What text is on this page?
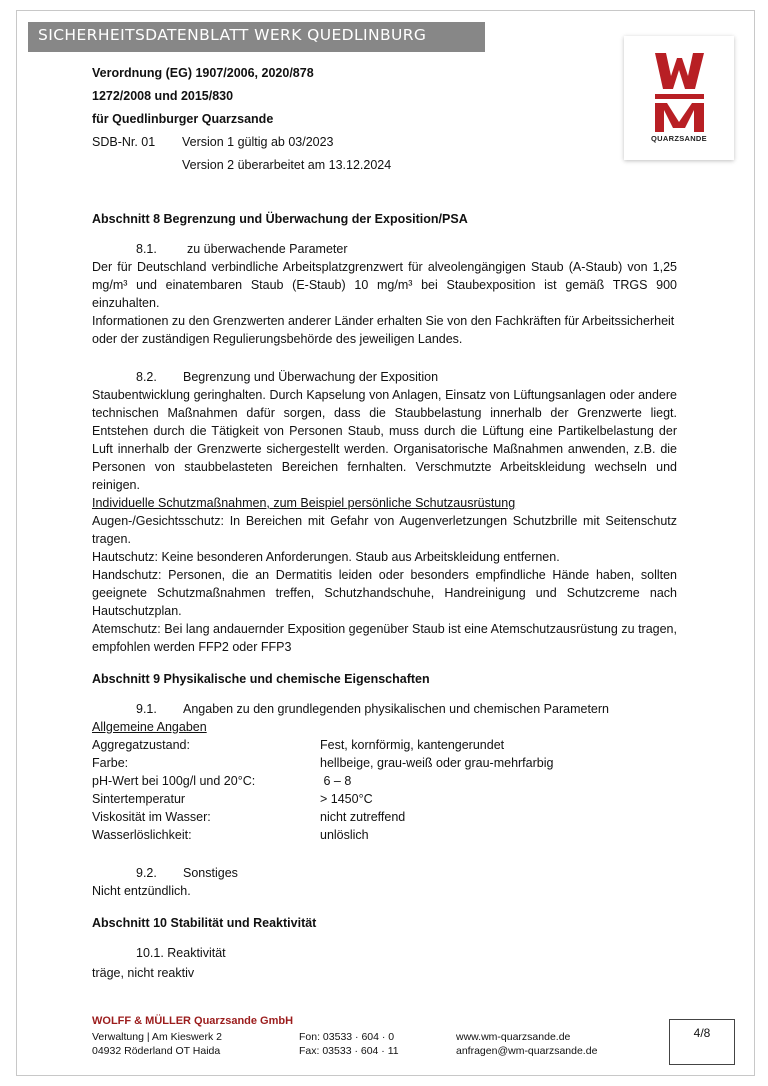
SICHERHEITSDATENBLATT WERK QUEDLINBURG
QUARZSANDE
Verordnung (EG) 1907/2006, 2020/878
1272/2008 und 2015/830
für Quedlinburger Quarzsande
SDB-Nr. 01	Version 1 gültig ab 03/2023
Version 2 überarbeitet am 13.12.2024
Abschnitt 8 Begrenzung und Überwachung der Exposition/PSA
8.1.	zu überwachende Parameter
Der für Deutschland verbindliche Arbeitsplatzgrenzwert für alveolengängigen Staub (A-Staub) von 1,25 mg/m³ und einatembaren Staub (E-Staub) 10 mg/m³ bei Staubexposition ist gemäß TRGS 900 einzuhalten.
Informationen zu den Grenzwerten anderer Länder erhalten Sie von den Fachkräften für Arbeitssicherheit oder der zuständigen Regulierungsbehörde des jeweiligen Landes.
8.2.	Begrenzung und Überwachung der Exposition
Staubentwicklung geringhalten. Durch Kapselung von Anlagen, Einsatz von Lüftungsanlagen oder andere technischen Maßnahmen dafür sorgen, dass die Staubbelastung innerhalb der Grenzwerte liegt. Entstehen durch die Tätigkeit von Personen Staub, muss durch die Lüftung eine Partikelbelastung der Luft innerhalb der Grenzwerte sichergestellt werden. Organisatorische Maßnahmen anwenden, z.B. die Personen von staubbelasteten Bereichen fernhalten. Verschmutzte Arbeitskleidung wechseln und reinigen.
Individuelle Schutzmaßnahmen, zum Beispiel persönliche Schutzausrüstung
Augen-/Gesichtsschutz: In Bereichen mit Gefahr von Augenverletzungen Schutzbrille mit Seitenschutz tragen.
Hautschutz: Keine besonderen Anforderungen. Staub aus Arbeitskleidung entfernen.
Handschutz: Personen, die an Dermatitis leiden oder besonders empfindliche Hände haben, sollten geeignete Schutzmaßnahmen treffen, Schutzhandschuhe, Handreinigung und Schutzcreme nach Hautschutzplan.
Atemschutz: Bei lang andauernder Exposition gegenüber Staub ist eine Atemschutzausrüstung zu tragen, empfohlen werden FFP2 oder FFP3
Abschnitt 9 Physikalische und chemische Eigenschaften
9.1.	Angaben zu den grundlegenden physikalischen und chemischen Parametern
Allgemeine Angaben
Aggregatzustand:	Fest, kornförmig, kantengerundet
Farbe:	hellbeige, grau-weiß oder grau-mehrfarbig
pH-Wert bei 100g/l und 20°C:	6 – 8
Sintertemperatur	> 1450°C
Viskosität im Wasser:	nicht zutreffend
Wasserlöslichkeit:	unlöslich
9.2.	Sonstiges
Nicht entzündlich.
Abschnitt 10 Stabilität und Reaktivität
10.1. Reaktivität
träge, nicht reaktiv
WOLFF & MÜLLER Quarzsande GmbH
Verwaltung | Am Kieswerk 2
04932 Röderland OT Haida
Fon: 03533 · 604 · 0
Fax: 03533 · 604 · 11
www.wm-quarzsande.de
anfragen@wm-quarzsande.de
4/8
